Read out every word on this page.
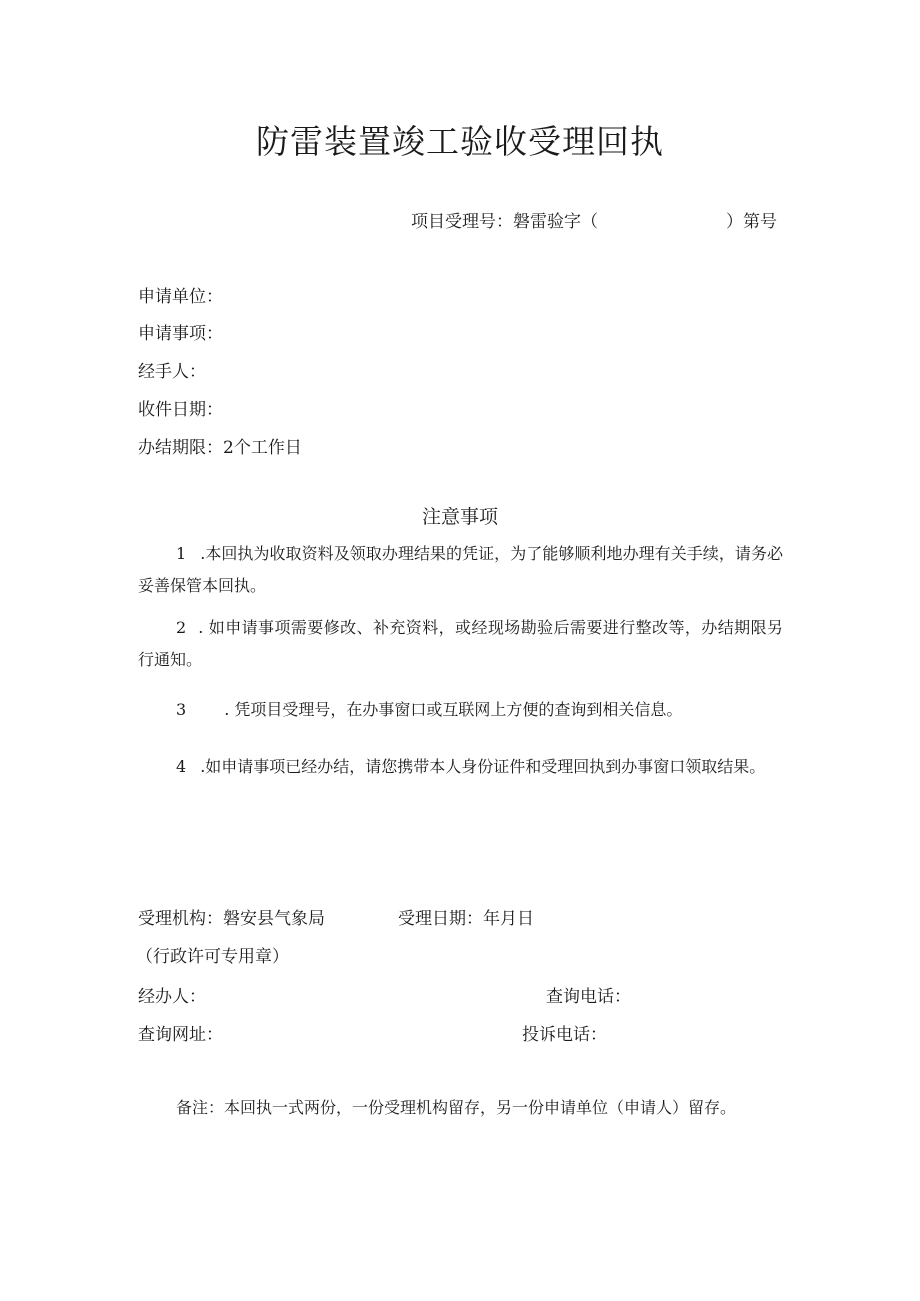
防雷装置竣工验收受理回执
项目受理号：磐雷验字（	）第号
申请单位：
申请事项：
经手人：
收件日期：
办结期限：2个工作日
注意事项
1 .本回执为收取资料及领取办理结果的凭证，为了能够顺利地办理有关手续，请务必妥善保管本回执。
2 . 如申请事项需要修改、补充资料，或经现场勘验后需要进行整改等，办结期限另行通知。
3 . 凭项目受理号，在办事窗口或互联网上方便的查询到相关信息。
4 .如申请事项已经办结，请您携带本人身份证件和受理回执到办事窗口领取结果。
受理机构：磐安县气象局	受理日期：年月日
（行政许可专用章）
经办人：	查询电话：
查询网址：	投诉电话：
备注：本回执一式两份，一份受理机构留存，另一份申请单位（申请人）留存。
